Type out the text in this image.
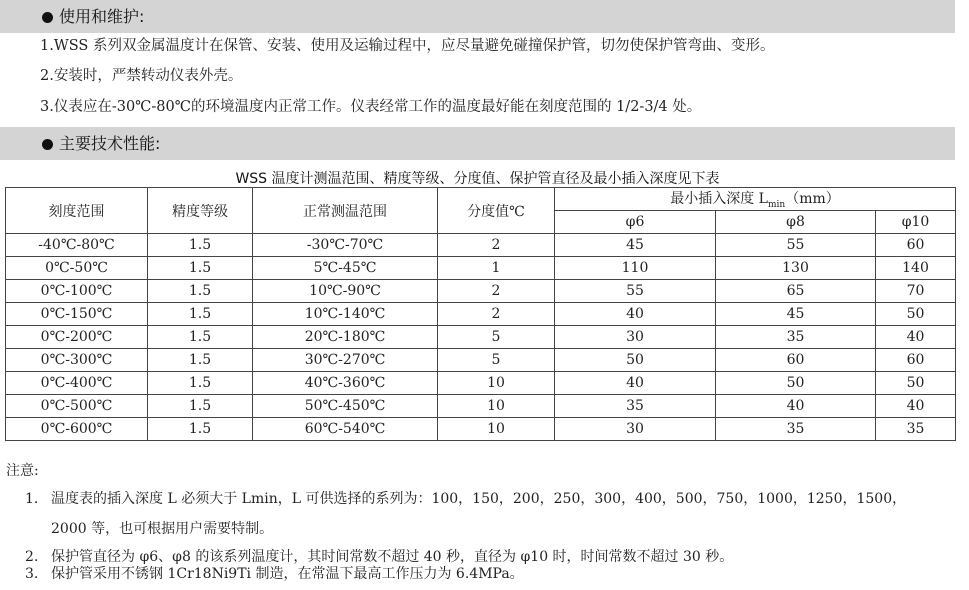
使用和维护:
1.WSS 系列双金属温度计在保管、安装、使用及运输过程中，应尽量避免碰撞保护管，切勿使保护管弯曲、变形。
2.安装时，严禁转动仪表外壳。
3.仪表应在-30℃-80℃的环境温度内正常工作。仪表经常工作的温度最好能在刻度范围的 1/2-3/4 处。
主要技术性能:
WSS 温度计测温范围、精度等级、分度值、保护管直径及最小插入深度见下表
刻度范围	精度等级	正常测温范围	分度值℃	最小插入深度 $L_{min}(mm)$		
				φ6	φ8	φ10
-40℃-80℃	1.5	-30℃-70℃	2	45	55	60
0℃-50℃	1.5	5℃-45℃	1	110	130	140
0℃-100℃	1.5	10℃-90℃	2	55	65	70
0℃-150℃	1.5	10℃-140℃	2	40	45	50
0℃-200℃	1.5	20℃-180℃	5	30	35	40
0℃-300℃	1.5	30℃-270℃	5	50	60	60
0℃-400℃	1.5	40℃-360℃	10	40	50	50
0℃-500℃	1.5	50℃-450℃	10	35	40	40
0℃-600℃	1.5	60℃-540℃	10	30	35	35
注意:
1. 温度表的插入深度 L 必须大于 Lmin，L 可供选择的系列为：100，150，200，250，300，400，500，750，1000，1250，1500，
2000 等，也可根据用户需要特制。
2. 保护管直径为 φ6、φ8 的该系列温度计，其时间常数不超过 40 秒，直径为 φ10 时，时间常数不超过 30 秒。
3. 保护管采用不锈钢 1Cr18Ni9Ti 制造，在常温下最高工作压力为 6.4MPa。
